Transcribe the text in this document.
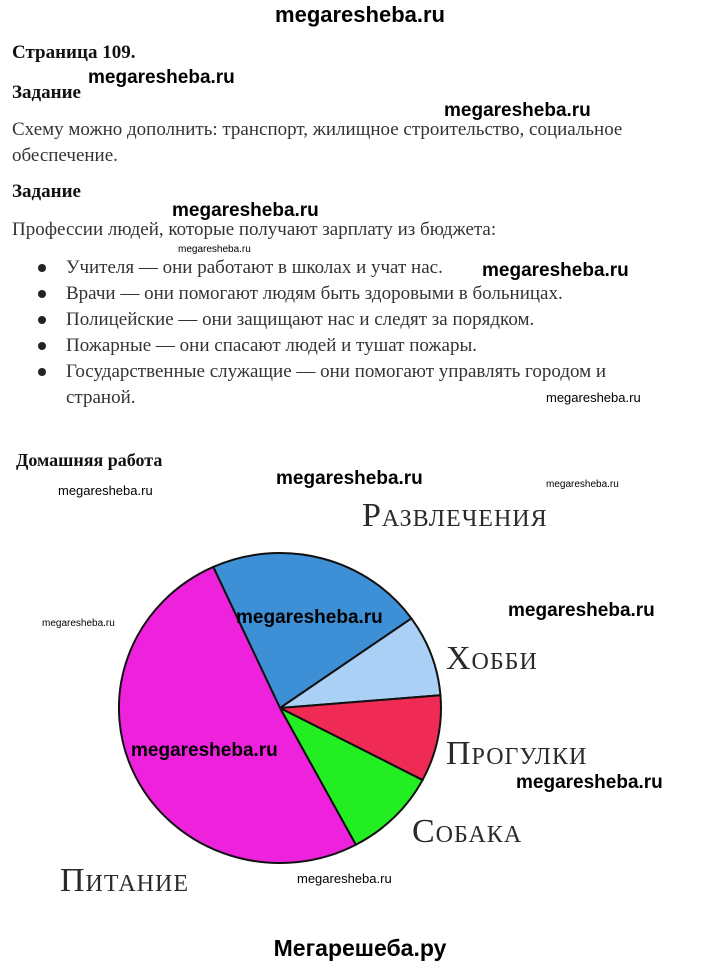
megaresheba.ru
Страница 109.
Задание
Схему можно дополнить: транспорт, жилищное строительство, социальное
обеспечение.
Задание
Профессии людей, которые получают зарплату из бюджета:
Учителя — они работают в школах и учат нас.
Врачи — они помогают людям быть здоровыми в больницах.
Полицейские — они защищают нас и следят за порядком.
Пожарные — они спасают людей и тушат пожары.
Государственные служащие — они помогают управлять городом и
страной.
Домашняя работа
Развлечения
Хобби
Прогулки
Собака
Питание
megaresheba.ru
megaresheba.ru
megaresheba.ru
megaresheba.ru
megaresheba.ru
megaresheba.ru
megaresheba.ru
megaresheba.ru	megaresheba.ru
megaresheba.ru
megaresheba.ru	megaresheba.ru
megaresheba.ru
megaresheba.ru
megaresheba.ru
Мегарешеба.ру
